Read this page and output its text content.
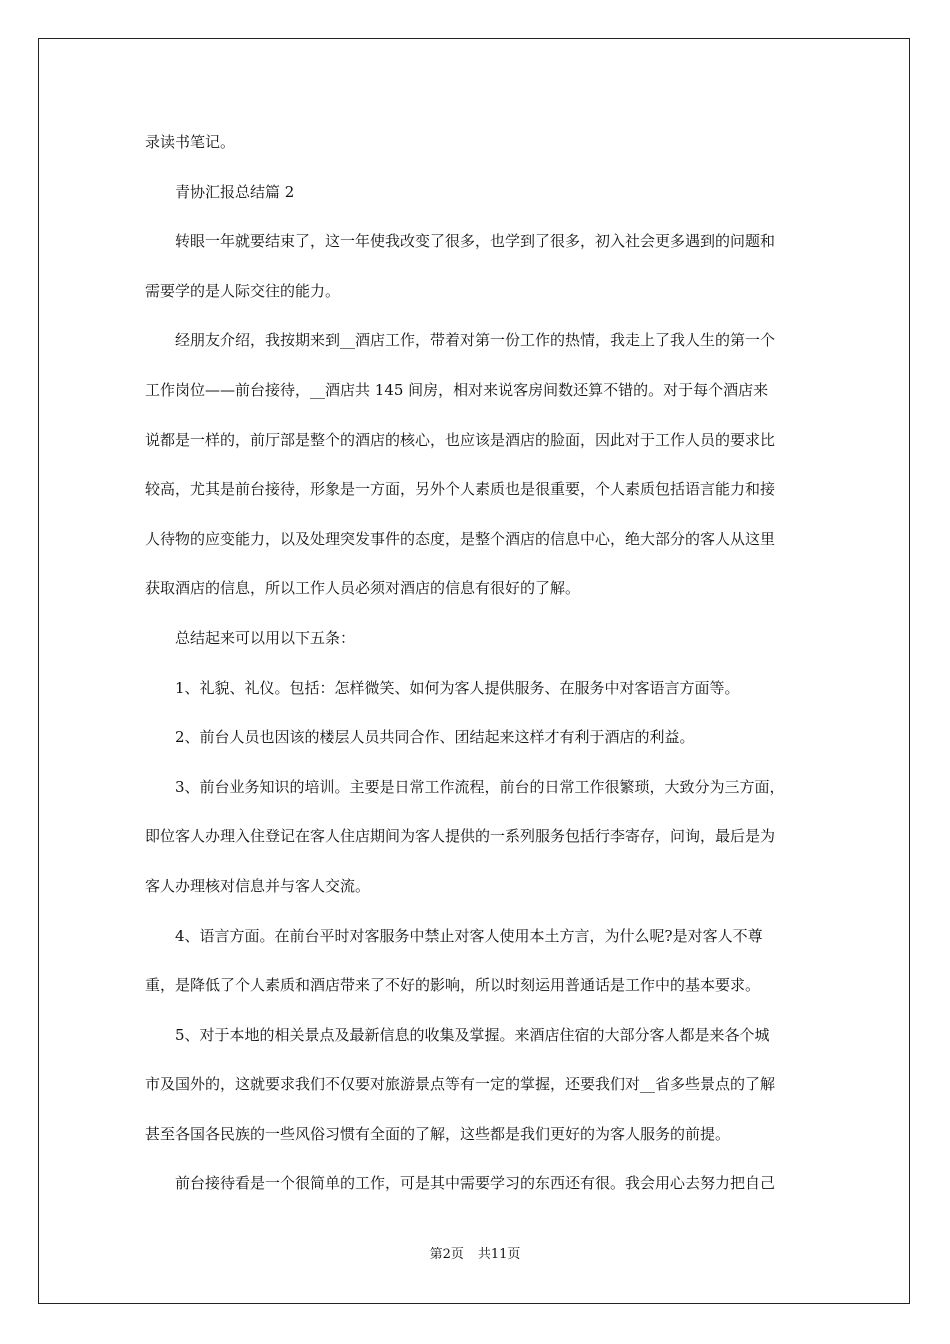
录读书笔记。

青协汇报总结篇 2

转眼一年就要结束了，这一年使我改变了很多，也学到了很多，初入社会更多遇到的问题和

需要学的是人际交往的能力。

经朋友介绍，我按期来到__酒店工作，带着对第一份工作的热情，我走上了我人生的第一个

工作岗位——前台接待，__酒店共 145 间房，相对来说客房间数还算不错的。对于每个酒店来

说都是一样的，前厅部是整个的酒店的核心，也应该是酒店的脸面，因此对于工作人员的要求比

较高，尤其是前台接待，形象是一方面，另外个人素质也是很重要，个人素质包括语言能力和接

人待物的应变能力，以及处理突发事件的态度，是整个酒店的信息中心，绝大部分的客人从这里

获取酒店的信息，所以工作人员必须对酒店的信息有很好的了解。

总结起来可以用以下五条：

1、礼貌、礼仪。包括：怎样微笑、如何为客人提供服务、在服务中对客语言方面等。

2、前台人员也因该的楼层人员共同合作、团结起来这样才有利于酒店的利益。

3、前台业务知识的培训。主要是日常工作流程，前台的日常工作很繁琐，大致分为三方面，

即位客人办理入住登记在客人住店期间为客人提供的一系列服务包括行李寄存，问询，最后是为

客人办理核对信息并与客人交流。

4、语言方面。在前台平时对客服务中禁止对客人使用本土方言，为什么呢?是对客人不尊

重，是降低了个人素质和酒店带来了不好的影响，所以时刻运用普通话是工作中的基本要求。

5、对于本地的相关景点及最新信息的收集及掌握。来酒店住宿的大部分客人都是来各个城

市及国外的，这就要求我们不仅要对旅游景点等有一定的掌握，还要我们对__省多些景点的了解

甚至各国各民族的一些风俗习惯有全面的了解，这些都是我们更好的为客人服务的前提。

前台接待看是一个很简单的工作，可是其中需要学习的东西还有很。我会用心去努力把自己

第2页 共11页
